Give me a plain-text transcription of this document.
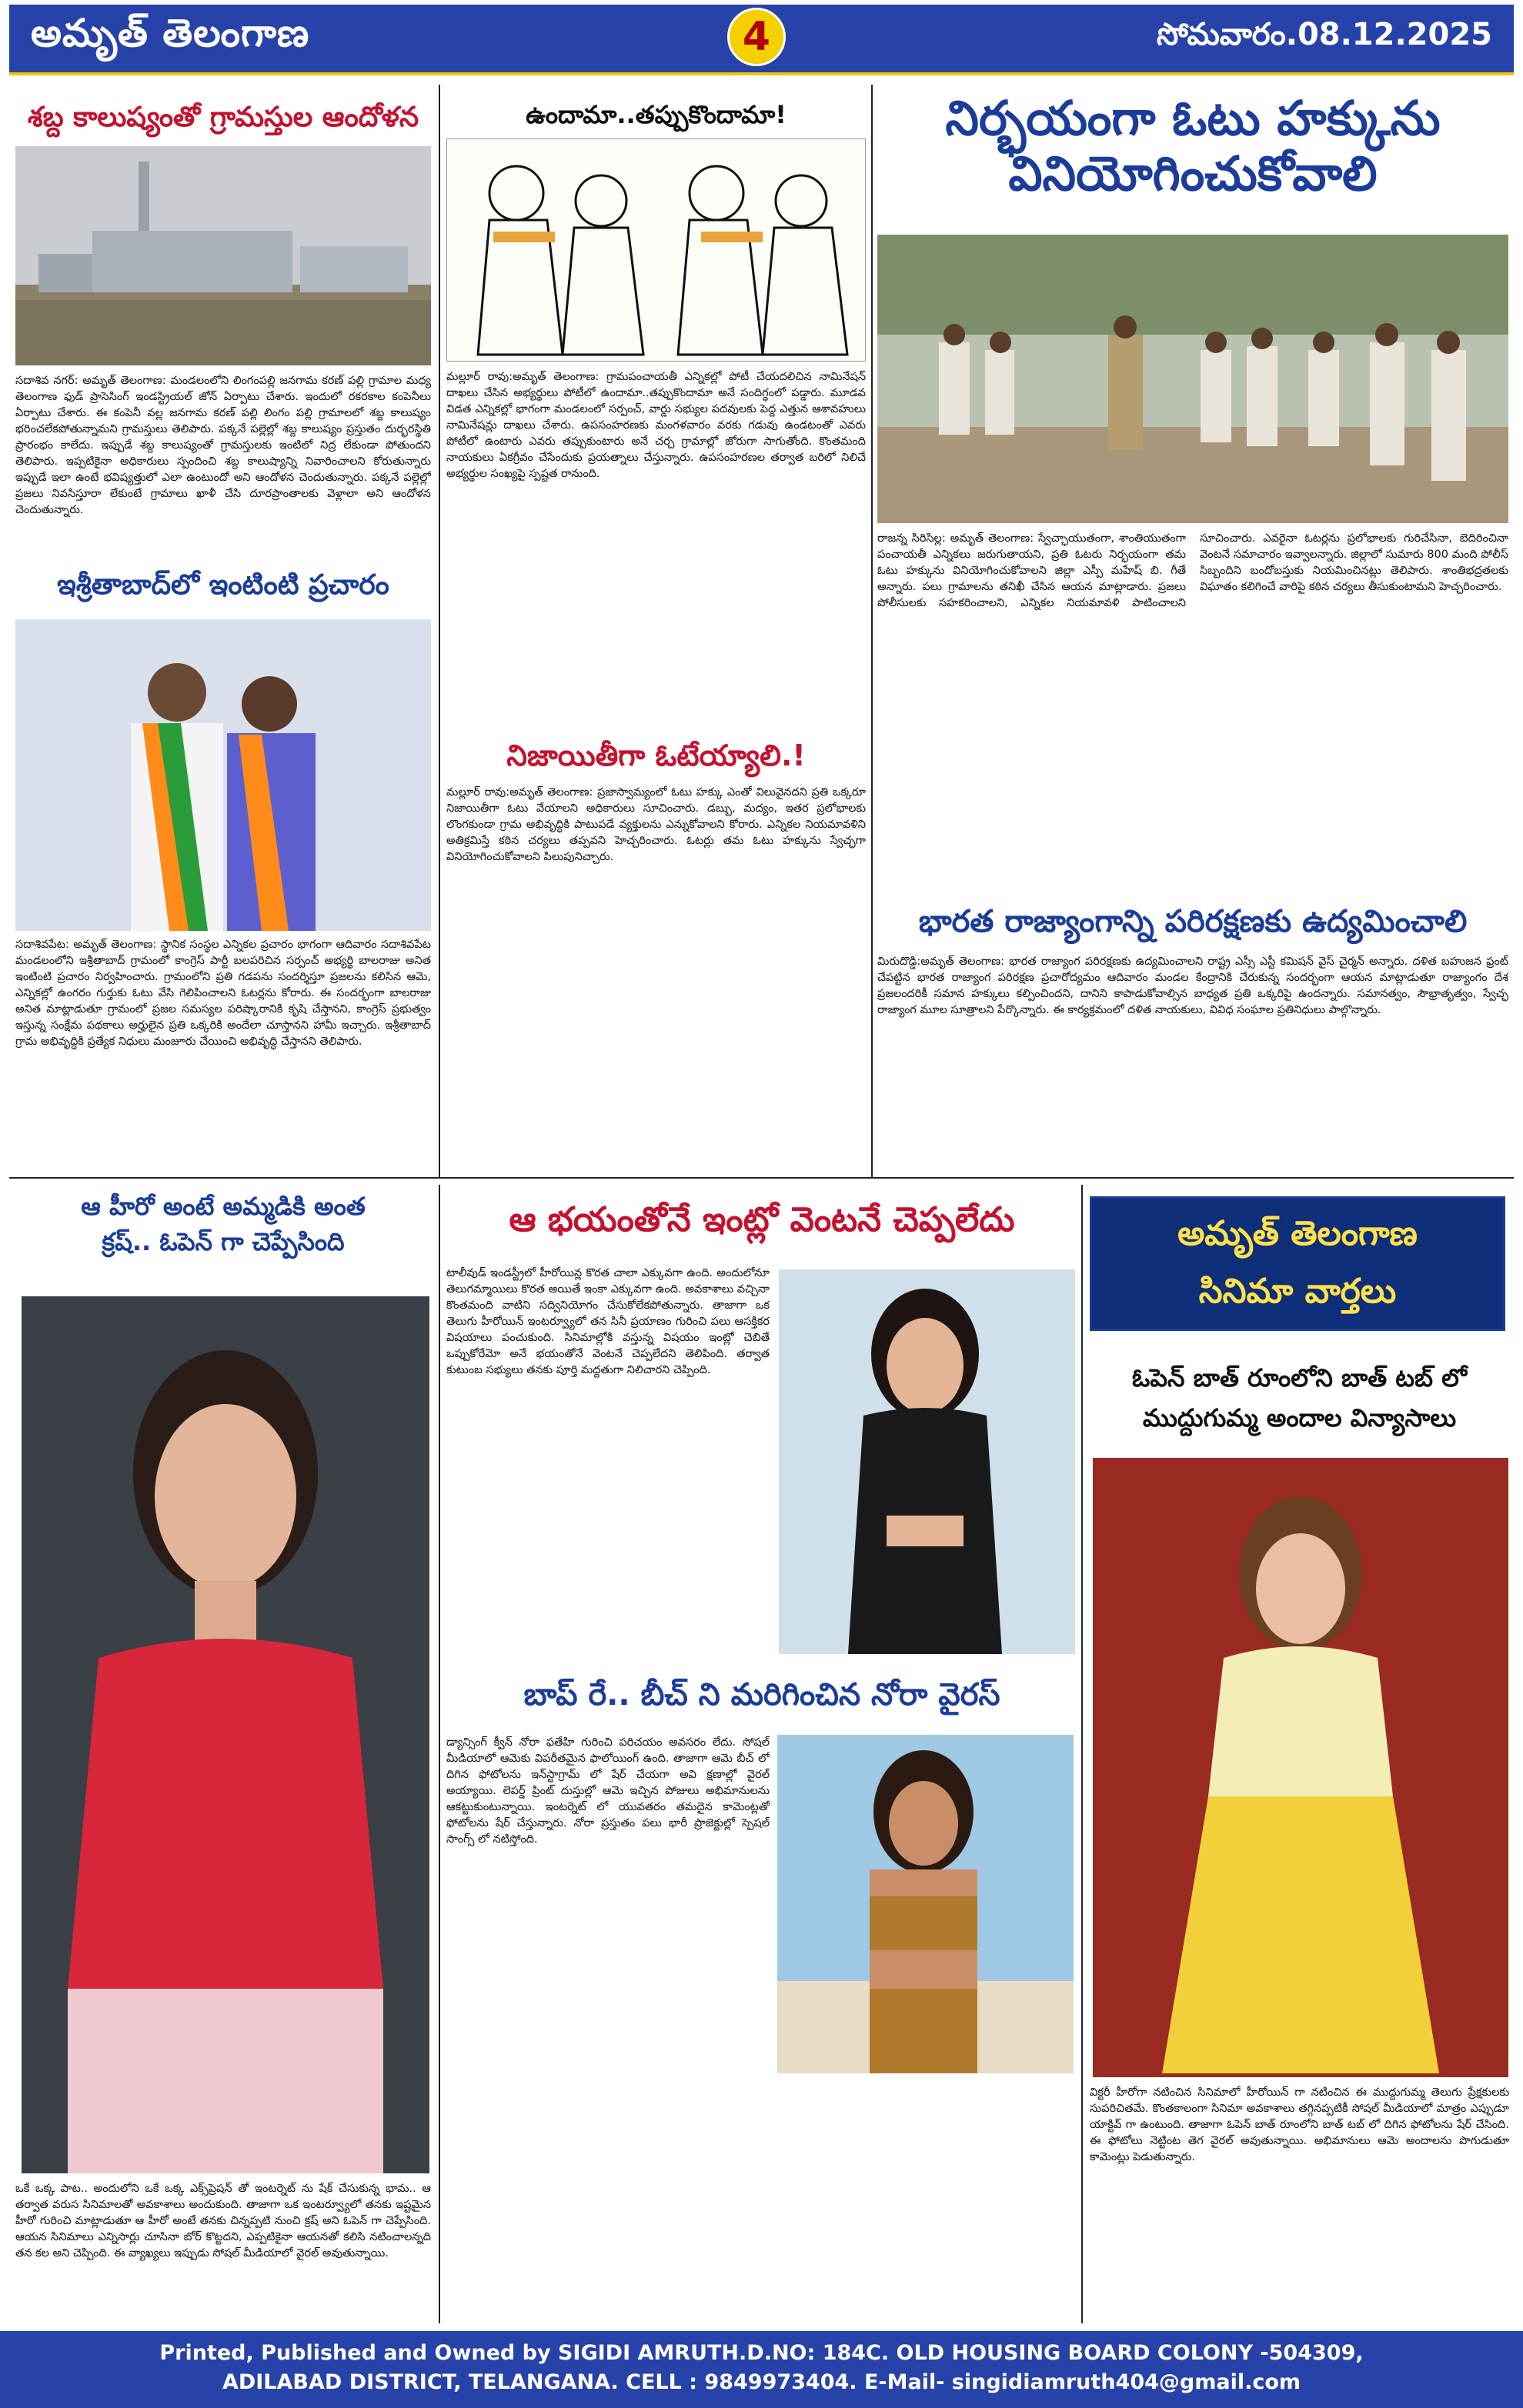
అమృత్ తెలంగాణ	4	సోమవారం.08.12.2025
శబ్ద కాలుష్యంతో గ్రామస్తుల ఆందోళన
సదాశివ నగర్: అమృత్ తెలంగాణ: మండలంలోని లింగంపల్లి జనగామ కరణ్ పల్లి గ్రామాల మధ్య తెలంగాణ ఫుడ్ ప్రాసెసింగ్ ఇండస్ట్రియల్ జోన్ ఏర్పాటు చేశారు. ఇందులో రకరకాల కంపెనీలు ఏర్పాటు చేశారు. ఈ కంపెనీ వల్ల జనగామ కరణ్ పల్లి లింగం పల్లి గ్రామాలలో శబ్ద కాలుష్యం భరించలేకపోతున్నామని గ్రామస్తులు తెలిపారు. పక్కనే పల్లెల్లో శబ్ద కాలుష్యం ప్రస్తుతం దుర్భరస్థితి ప్రారంభం కాలేదు. ఇప్పుడే శబ్ద కాలుష్యంతో గ్రామస్తులకు ఇంటిలో నిద్ర లేకుండా పోతుందని తెలిపారు. ఇప్పటికైనా అధికారులు స్పందించి శబ్ద కాలుష్యాన్ని నివారించాలని కోరుతున్నారు ఇప్పుడే ఇలా ఉంటే భవిష్యత్తులో ఎలా ఉంటుందో అని ఆందోళన చెందుతున్నారు. పక్కనే పల్లెల్లో ప్రజలు నివసిస్తూరా లేకుంటే గ్రామాలు ఖాళీ చేసి దూరప్రాంతాలకు వెళ్లాలా అని ఆందోళన చెందుతున్నారు.
ఇశ్రీతాబాద్‌లో ఇంటింటి ప్రచారం
సదాశివపేట: అమృత్ తెలంగాణ: స్థానిక సంస్థల ఎన్నికల ప్రచారం భాగంగా ఆదివారం సదాశివపేట మండలంలోని ఇశ్రీతాబాద్ గ్రామంలో కాంగ్రెస్ పార్టీ బలపరిచిన సర్పంచ్ అభ్యర్థి బాలరాజు అనిత ఇంటింటి ప్రచారం నిర్వహించారు. గ్రామంలోని ప్రతి గడపను సందర్శిస్తూ ప్రజలను కలిసిన ఆమె, ఎన్నికల్లో ఉంగరం గుర్తుకు ఓటు వేసి గెలిపించాలని ఓటర్లను కోరారు. ఈ సందర్భంగా బాలరాజు అనిత మాట్లాడుతూ గ్రామంలో ప్రజల సమస్యల పరిష్కారానికి కృషి చేస్తానని, కాంగ్రెస్ ప్రభుత్వం ఇస్తున్న సంక్షేమ పథకాలు అర్హులైన ప్రతి ఒక్కరికి అందేలా చూస్తానని హామీ ఇచ్చారు. ఇశ్రీతాబాద్ గ్రామ అభివృద్ధికి ప్రత్యేక నిధులు మంజూరు చేయించి అభివృద్ధి చేస్తానని తెలిపారు.
ఉందామా..తప్పుకొందామా!
మల్లూర్ రావు:అమృత్ తెలంగాణ: గ్రామపంచాయతీ ఎన్నికల్లో పోటీ చేయదలిచిన నామినేషన్ దాఖలు చేసిన అభ్యర్థులు పోటీలో ఉందామా..తప్పుకొందామా అనే సందిగ్ధంలో పడ్డారు. మూడవ విడత ఎన్నికల్లో భాగంగా మండలంలో సర్పంచ్, వార్డు సభ్యుల పదవులకు పెద్ద ఎత్తున ఆశావహులు నామినేషన్లు దాఖలు చేశారు. ఉపసంహరణకు మంగళవారం వరకు గడువు ఉండటంతో ఎవరు పోటీలో ఉంటారు ఎవరు తప్పుకుంటారు అనే చర్చ గ్రామాల్లో జోరుగా సాగుతోంది. కొంతమంది నాయకులు ఏకగ్రీవం చేసేందుకు ప్రయత్నాలు చేస్తున్నారు. ఉపసంహరణల తర్వాత బరిలో నిలిచే అభ్యర్థుల సంఖ్యపై స్పష్టత రానుంది.
నిజాయితీగా ఓటేయ్యాలి.!
మల్లూర్ రావు:అమృత్ తెలంగాణ: ప్రజాస్వామ్యంలో ఓటు హక్కు ఎంతో విలువైనదని ప్రతి ఒక్కరూ నిజాయితీగా ఓటు వేయాలని అధికారులు సూచించారు. డబ్బు, మద్యం, ఇతర ప్రలోభాలకు లొంగకుండా గ్రామ అభివృద్ధికి పాటుపడే వ్యక్తులను ఎన్నుకోవాలని కోరారు. ఎన్నికల నియమావళిని అతిక్రమిస్తే కఠిన చర్యలు తప్పవని హెచ్చరించారు. ఓటర్లు తమ ఓటు హక్కును స్వేచ్ఛగా వినియోగించుకోవాలని పిలుపునిచ్చారు.
నిర్భయంగా ఓటు హక్కును
వినియోగించుకోవాలి
రాజన్న సిరిసిల్ల: అమృత్ తెలంగాణ: స్వేచ్ఛాయుతంగా, శాంతియుతంగా పంచాయతీ ఎన్నికలు జరుగుతాయని, ప్రతి ఓటరు నిర్భయంగా తమ ఓటు హక్కును వినియోగించుకోవాలని జిల్లా ఎస్పీ మహేష్ బి. గీతే అన్నారు. పలు గ్రామాలను తనిఖీ చేసిన ఆయన మాట్లాడారు. ప్రజలు పోలీసులకు సహకరించాలని, ఎన్నికల నియమావళి పాటించాలని సూచించారు. ఎవరైనా ఓటర్లను ప్రలోభాలకు గురిచేసినా, బెదిరించినా వెంటనే సమాచారం ఇవ్వాలన్నారు. జిల్లాలో సుమారు 800 మంది పోలీస్ సిబ్బందిని బందోబస్తుకు నియమించినట్లు తెలిపారు. శాంతిభద్రతలకు విఘాతం కలిగించే వారిపై కఠిన చర్యలు తీసుకుంటామని హెచ్చరించారు.
భారత రాజ్యాంగాన్ని పరిరక్షణకు ఉద్యమించాలి
మిరుదొడ్డి:అమృత్ తెలంగాణ: భారత రాజ్యాంగ పరిరక్షణకు ఉద్యమించాలని రాష్ట్ర ఎస్సీ ఎస్టీ కమిషన్ వైస్ చైర్మన్ అన్నారు. దళిత బహుజన ఫ్రంట్ చేపట్టిన భారత రాజ్యాంగ పరిరక్షణ ప్రచారోద్యమం ఆదివారం మండల కేంద్రానికి చేరుకున్న సందర్భంగా ఆయన మాట్లాడుతూ రాజ్యాంగం దేశ ప్రజలందరికీ సమాన హక్కులు కల్పించిందని, దానిని కాపాడుకోవాల్సిన బాధ్యత ప్రతి ఒక్కరిపై ఉందన్నారు. సమానత్వం, సౌభ్రాతృత్వం, స్వేచ్ఛ రాజ్యాంగ మూల సూత్రాలని పేర్కొన్నారు. ఈ కార్యక్రమంలో దళిత నాయకులు, వివిధ సంఘాల ప్రతినిధులు పాల్గొన్నారు.
ఆ హీరో అంటే అమ్మడికి అంత
క్రష్.. ఓపెన్ గా చెప్పేసింది
ఒకే ఒక్క పాట.. అందులోని ఒకే ఒక్క ఎక్స్‌ప్రెషన్ తో ఇంటర్నెట్ ను షేక్ చేసుకున్న భామ.. ఆ తర్వాత వరుస సినిమాలతో అవకాశాలు అందుకుంది. తాజాగా ఒక ఇంటర్వ్యూలో తనకు ఇష్టమైన హీరో గురించి మాట్లాడుతూ ఆ హీరో అంటే తనకు చిన్నప్పటి నుంచి క్రష్ అని ఓపెన్ గా చెప్పేసింది. ఆయన సినిమాలు ఎన్నిసార్లు చూసినా బోర్ కొట్టదని, ఎప్పటికైనా ఆయనతో కలిసి నటించాలన్నది తన కల అని చెప్పింది. ఈ వ్యాఖ్యలు ఇప్పుడు సోషల్ మీడియాలో వైరల్ అవుతున్నాయి.
ఆ భయంతోనే ఇంట్లో వెంటనే చెప్పలేదు
టాలీవుడ్ ఇండస్ట్రీలో హీరోయిన్ల కొరత చాలా ఎక్కువగా ఉంది. అందులోనూ తెలుగమ్మాయిలు కొరత అయితే ఇంకా ఎక్కువగా ఉంది. అవకాశాలు వచ్చినా కొంతమంది వాటిని సద్వినియోగం చేసుకోలేకపోతున్నారు. తాజాగా ఒక తెలుగు హీరోయిన్ ఇంటర్వ్యూలో తన సినీ ప్రయాణం గురించి పలు ఆసక్తికర విషయాలు పంచుకుంది. సినిమాల్లోకి వస్తున్న విషయం ఇంట్లో చెబితే ఒప్పుకోరేమో అనే భయంతోనే వెంటనే చెప్పలేదని తెలిపింది. తర్వాత కుటుంబ సభ్యులు తనకు పూర్తి మద్దతుగా నిలిచారని చెప్పింది.
బాప్ రే.. బీచ్ ని మరిగించిన నోరా వైరస్
డ్యాన్సింగ్ క్వీన్ నోరా ఫతేహి గురించి పరిచయం అవసరం లేదు. సోషల్ మీడియాలో ఆమెకు విపరీతమైన ఫాలోయింగ్ ఉంది. తాజాగా ఆమె బీచ్ లో దిగిన ఫోటోలను ఇన్‌స్టాగ్రామ్ లో షేర్ చేయగా అవి క్షణాల్లో వైరల్ అయ్యాయి. లెపర్డ్ ప్రింట్ దుస్తుల్లో ఆమె ఇచ్చిన పోజులు అభిమానులను ఆకట్టుకుంటున్నాయి. ఇంటర్నెట్ లో యువతరం తమదైన కామెంట్లతో ఫోటోలను షేర్ చేస్తున్నారు. నోరా ప్రస్తుతం పలు భారీ ప్రాజెక్టుల్లో స్పెషల్ సాంగ్స్ లో నటిస్తోంది.
అమృత్ తెలంగాణ
సినిమా వార్తలు
ఓపెన్ బాత్ రూంలోని బాత్ టబ్ లో
ముద్దుగుమ్మ అందాల విన్యాసాలు
విక్టరీ హీరోగా నటించిన సినిమాలో హీరోయిన్ గా నటించిన ఈ ముద్దుగుమ్మ తెలుగు ప్రేక్షకులకు సుపరిచితమే. కొంతకాలంగా సినిమా అవకాశాలు తగ్గినప్పటికీ సోషల్ మీడియాలో మాత్రం ఎప్పుడూ యాక్టివ్ గా ఉంటుంది. తాజాగా ఓపెన్ బాత్ రూంలోని బాత్ టబ్ లో దిగిన ఫోటోలను షేర్ చేసింది. ఈ ఫోటోలు నెట్టింట తెగ వైరల్ అవుతున్నాయి. అభిమానులు ఆమె అందాలను పొగుడుతూ కామెంట్లు పెడుతున్నారు.
Printed, Published and Owned by SIGIDI AMRUTH.D.NO: 184C. OLD HOUSING BOARD COLONY -504309,
ADILABAD DISTRICT, TELANGANA. CELL : 9849973404. E-Mail- singidiamruth404@gmail.com
